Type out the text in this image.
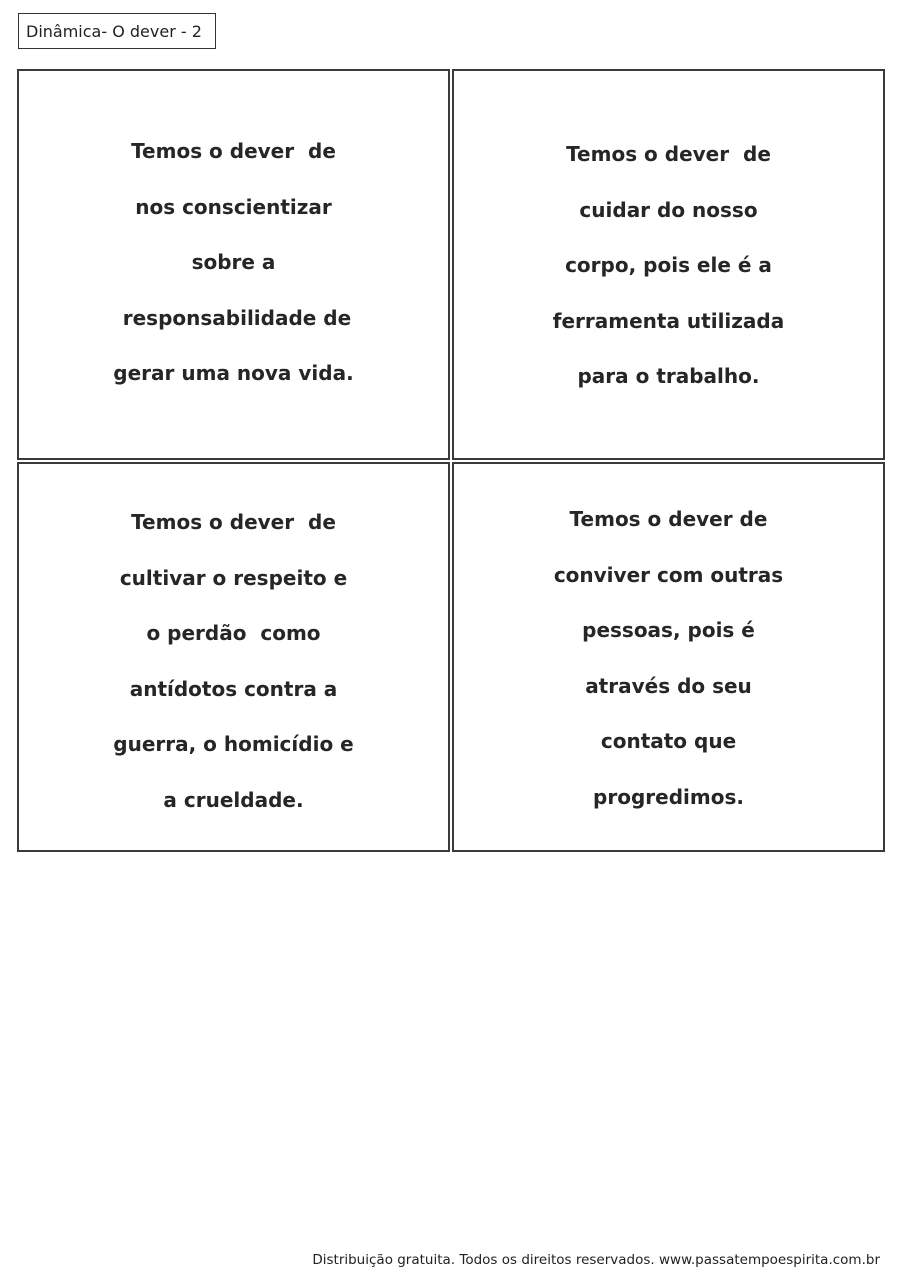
Dinâmica- O dever - 2

Temos o dever  de
nos conscientizar
sobre a
responsabilidade de
gerar uma nova vida.

Temos o dever  de
cuidar do nosso
corpo, pois ele é a
ferramenta utilizada
para o trabalho.

Temos o dever  de
cultivar o respeito e
o perdão  como
antídotos contra a
guerra, o homicídio e
a crueldade.

Temos o dever de
conviver com outras
pessoas, pois é
através do seu
contato que
progredimos.

Distribuição gratuita. Todos os direitos reservados. www.passatempoespirita.com.br
